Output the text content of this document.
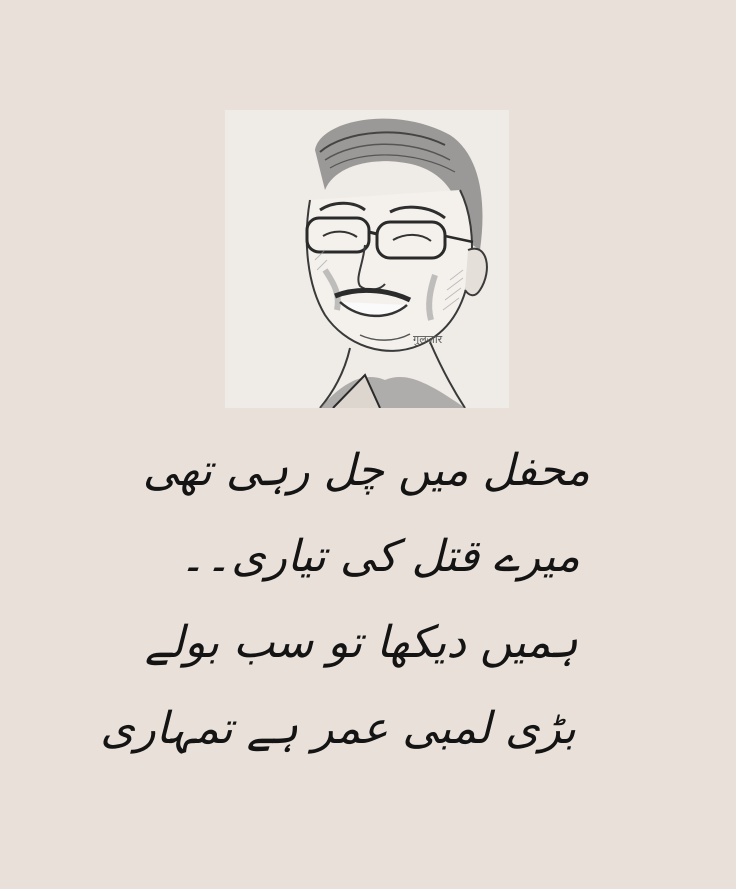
गुलज़ार
محفل میں چل رہی تھی
میرے قتل کی تیاری۔۔
ہمیں دیکھا تو سب بولے
بڑی لمبی عمر ہے تمہاری
